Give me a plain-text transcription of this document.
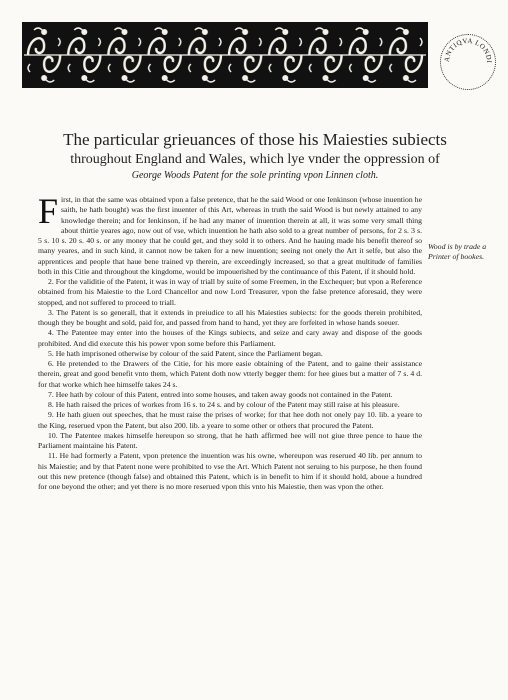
ANTIQVA LONDI
The particular grieuances of those his Maiesties subiects
throughout England and Wales, which lye vnder the oppression of
George Woods Patent for the sole printing vpon Linnen cloth.

First, in that the same was obtained vpon a false pretence, that he the said Wood or one Ienkinson (whose inuention he saith, he hath bought) was the first inuenter of this Art, whereas in truth the said Wood is but newly attained to any knowledge therein; and for Ienkinson, if he had any maner of inuention therein at all, it was some very small thing about thirtie yeares ago, now out of vse, which inuention he hath also sold to a great number of persons, for 2 s. 3 s. 5 s. 10 s. 20 s. 40 s. or any money that he could get, and they sold it to others. And he hauing made his benefit thereof so many yeares, and in such kind, it cannot now be taken for a new inuention; seeing not onely the Art it selfe, but also the apprentices and people that haue bene trained vp therein, are exceedingly increased, so that a great multitude of families both in this Citie and throughout the kingdome, would be impouerished by the continuance of this Patent, if it should hold.

2. For the validitie of the Patent, it was in way of triall by suite of some Freemen, in the Exchequer; but vpon a Reference obtained from his Maiestie to the Lord Chancellor and now Lord Treasurer, vpon the false pretence aforesaid, they were stopped, and not suffered to proceed to triall.

3. The Patent is so generall, that it extends in preiudice to all his Maiesties subiects: for the goods therein prohibited, though they be bought and sold, paid for, and passed from hand to hand, yet they are forfeited in whose hands soeuer.

4. The Patentee may enter into the houses of the Kings subiects, and seize and cary away and dispose of the goods prohibited. And did execute this his power vpon some before this Parliament.

5. He hath imprisoned otherwise by colour of the said Patent, since the Parliament began.

6. He pretended to the Drawers of the Citie, for his more easie obtaining of the Patent, and to gaine their assistance therein, great and good benefit vnto them, which Patent doth now vtterly begger them: for hee giues but a matter of 7 s. 4 d. for that worke which hee himselfe takes 24 s.

7. Hee hath by colour of this Patent, entred into some houses, and taken away goods not contained in the Patent.

8. He hath raised the prices of workes from 16 s. to 24 s. and by colour of the Patent may still raise at his pleasure.

9. He hath giuen out speeches, that he must raise the prises of worke; for that hee doth not onely pay 10. lib. a yeare to the King, reserued vpon the Patent, but also 200. lib. a yeare to some other or others that procured the Patent.

10. The Patentee makes himselfe hereupon so strong, that he hath affirmed hee will not giue three pence to haue the Parliament maintaine his Patent.

11. He had formerly a Patent, vpon pretence the inuention was his owne, whereupon was reserued 40 lib. per annum to his Maiestie; and by that Patent none were prohibited to vse the Art. Which Patent not seruing to his purpose, he then found out this new pretence (though false) and obtained this Patent, which is in benefit to him if it should hold, aboue a hundred for one beyond the other; and yet there is no more reserued vpon this vnto his Maiestie, then was vpon the other.

Wood is by trade a Printer of bookes.
